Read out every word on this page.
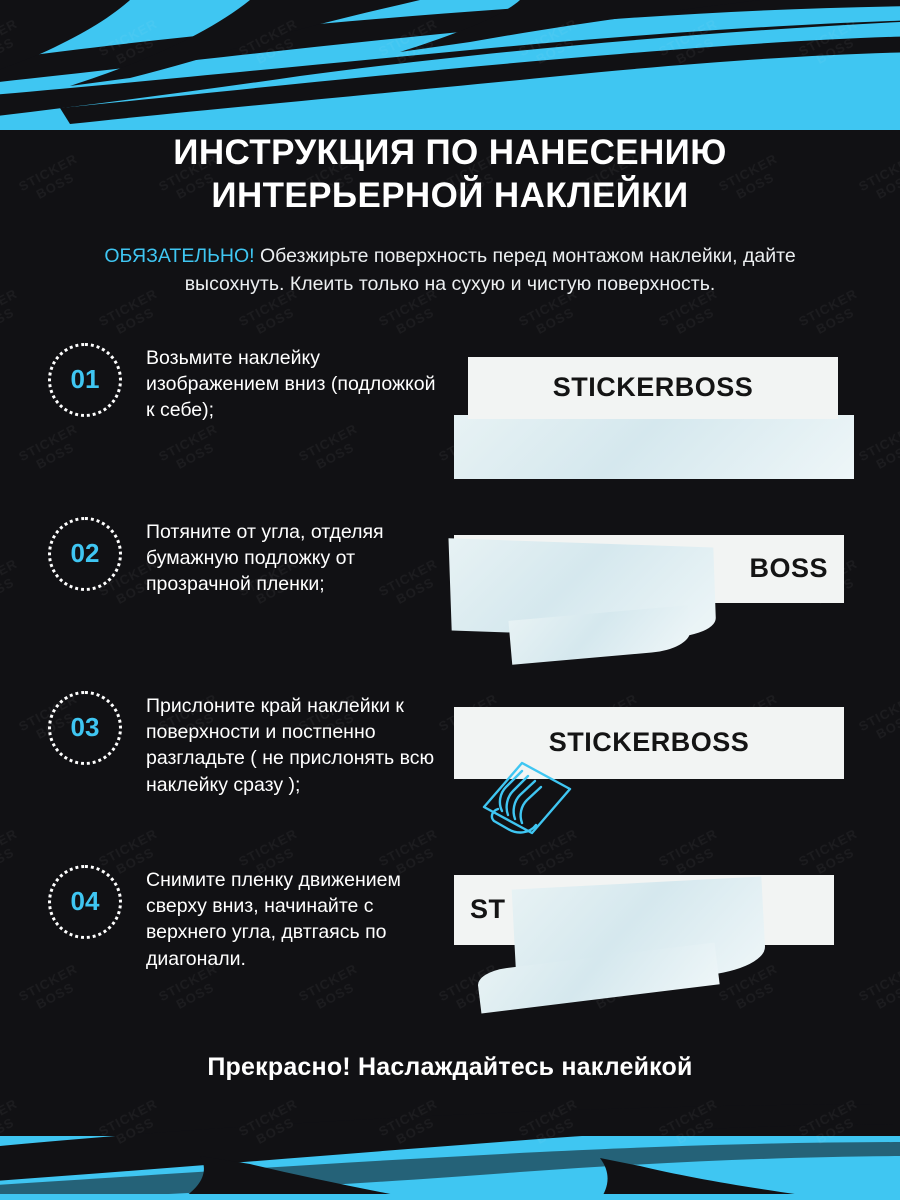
ИНСТРУКЦИЯ ПО НАНЕСЕНИЮ
ИНТЕРЬЕРНОЙ НАКЛЕЙКИ

ОБЯЗАТЕЛЬНО! Обезжирьте поверхность перед монтажом наклейки, дайте высохнуть. Клеить только на сухую и чистую поверхность.

01
Возьмите наклейку изображением вниз (подложкой к себе);
STICKERBOSS
02
Потяните от угла, отделяя бумажную подложку от прозрачной пленки;
BOSS
03
Прислоните край наклейки к поверхности и постпенно разгладьте ( не прислонять всю наклейку сразу );
STICKERBOSS
04
Снимите пленку движением сверху вниз, начинайте с верхнего угла, двтгаясь по диагонали.
ST
Прекрасно! Наслаждайтесь наклейкой
